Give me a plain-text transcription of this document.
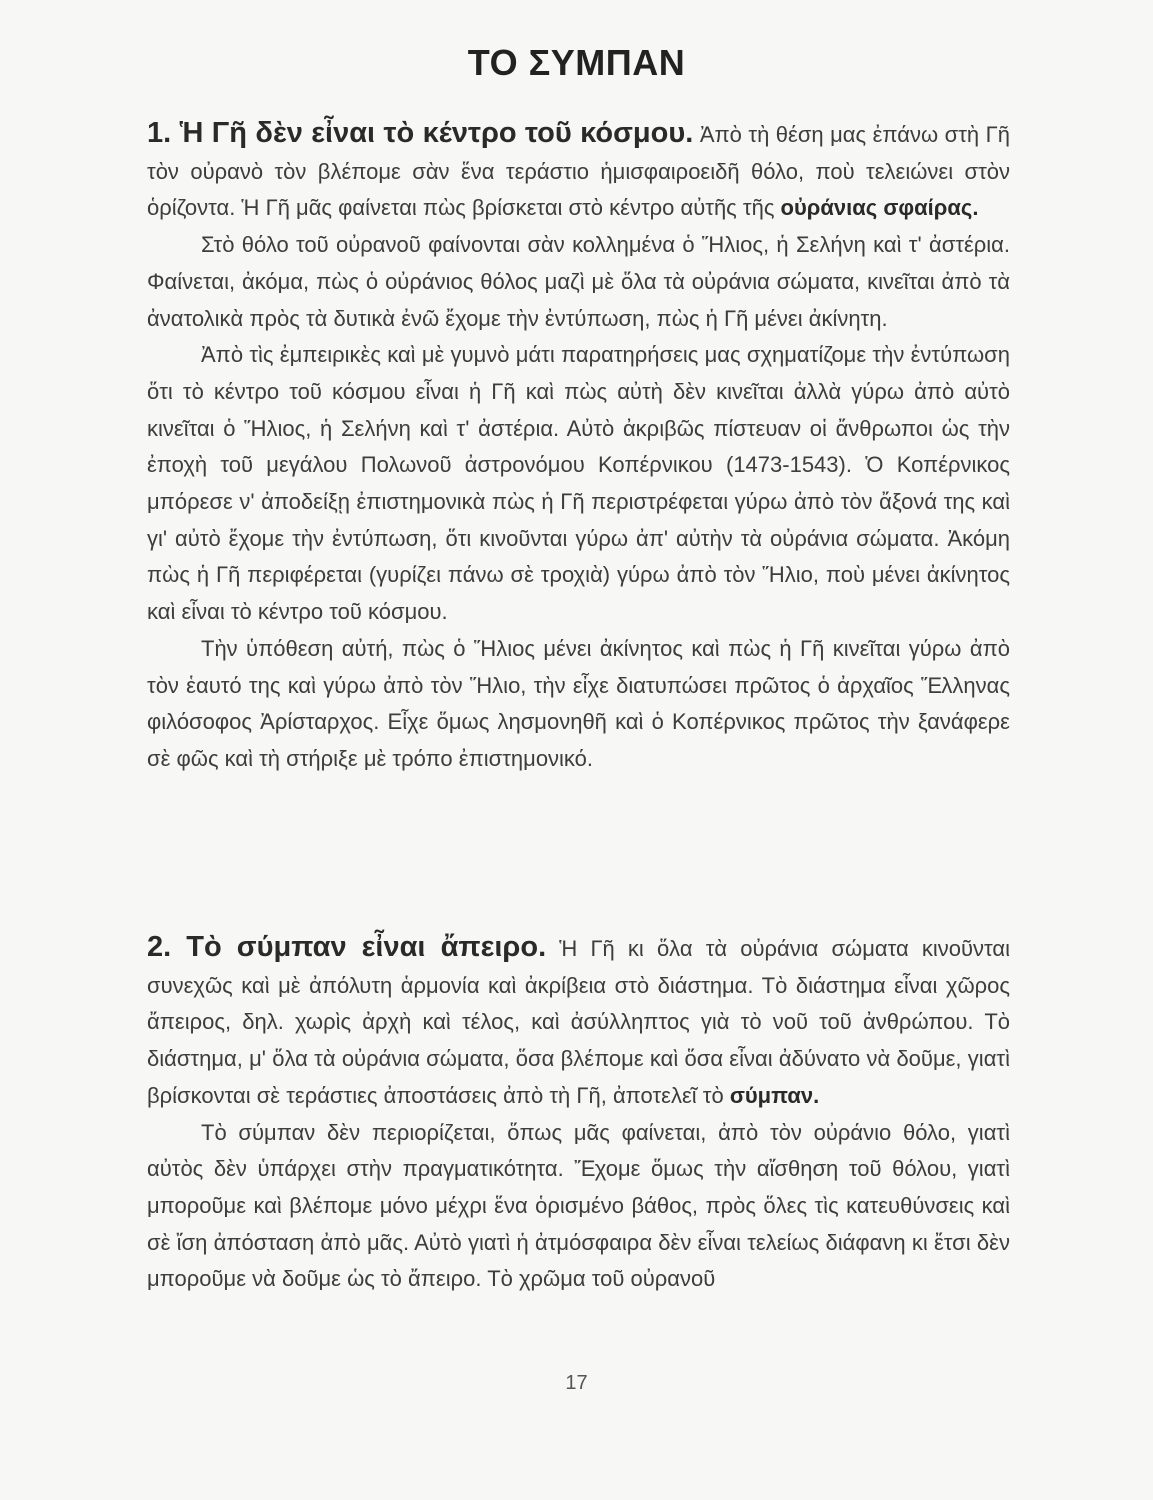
ΤΟ ΣΥΜΠΑΝ

1. Ἡ Γῆ δὲν εἶναι τὸ κέντρο τοῦ κόσμου. Ἀπὸ τὴ θέση μας ἐπάνω στὴ Γῆ τὸν οὐρανὸ τὸν βλέπομε σὰν ἕνα τεράστιο ἡμισφαιροειδῆ θόλο, ποὺ τελειώνει στὸν ὁρίζοντα. Ἡ Γῆ μᾶς φαίνεται πὼς βρίσκεται στὸ κέντρο αὐτῆς τῆς οὐράνιας σφαίρας.

Στὸ θόλο τοῦ οὐρανοῦ φαίνονται σὰν κολλημένα ὁ Ἥλιος, ἡ Σελήνη καὶ τ' ἀστέρια. Φαίνεται, ἀκόμα, πὼς ὁ οὐράνιος θόλος μαζὶ μὲ ὅλα τὰ οὐράνια σώματα, κινεῖται ἀπὸ τὰ ἀνατολικὰ πρὸς τὰ δυτικὰ ἐνῶ ἔχομε τὴν ἐντύπωση, πὼς ἡ Γῆ μένει ἀκίνητη.

Ἀπὸ τὶς ἐμπειρικὲς καὶ μὲ γυμνὸ μάτι παρατηρήσεις μας σχηματίζομε τὴν ἐντύπωση ὅτι τὸ κέντρο τοῦ κόσμου εἶναι ἡ Γῆ καὶ πὼς αὐτὴ δὲν κινεῖται ἀλλὰ γύρω ἀπὸ αὐτὸ κινεῖται ὁ Ἥλιος, ἡ Σελήνη καὶ τ' ἀστέρια. Αὐτὸ ἀκριβῶς πίστευαν οἱ ἄνθρωποι ὡς τὴν ἐποχὴ τοῦ μεγάλου Πολωνοῦ ἀστρονόμου Κοπέρνικου (1473-1543). Ὁ Κοπέρνικος μπόρεσε ν' ἀποδείξῃ ἐπιστημονικὰ πὼς ἡ Γῆ περιστρέφεται γύρω ἀπὸ τὸν ἄξονά της καὶ γι' αὐτὸ ἔχομε τὴν ἐντύπωση, ὅτι κινοῦνται γύρω ἀπ' αὐτὴν τὰ οὐράνια σώματα. Ἀκόμη πὼς ἡ Γῆ περιφέρεται (γυρίζει πάνω σὲ τροχιὰ) γύρω ἀπὸ τὸν Ἥλιο, ποὺ μένει ἀκίνητος καὶ εἶναι τὸ κέντρο τοῦ κόσμου.

Τὴν ὑπόθεση αὐτή, πὼς ὁ Ἥλιος μένει ἀκίνητος καὶ πὼς ἡ Γῆ κινεῖται γύρω ἀπὸ τὸν ἑαυτό της καὶ γύρω ἀπὸ τὸν Ἥλιο, τὴν εἶχε διατυπώσει πρῶτος ὁ ἀρχαῖος Ἕλληνας φιλόσοφος Ἀρίσταρχος. Εἶχε ὅμως λησμονηθῆ καὶ ὁ Κοπέρνικος πρῶτος τὴν ξανάφερε σὲ φῶς καὶ τὴ στήριξε μὲ τρόπο ἐπιστημονικό.

2. Τὸ σύμπαν εἶναι ἄπειρο. Ἡ Γῆ κι ὅλα τὰ οὐράνια σώματα κινοῦνται συνεχῶς καὶ μὲ ἀπόλυτη ἁρμονία καὶ ἀκρίβεια στὸ διάστημα. Τὸ διάστημα εἶναι χῶρος ἄπειρος, δηλ. χωρὶς ἀρχὴ καὶ τέλος, καὶ ἀσύλληπτος γιὰ τὸ νοῦ τοῦ ἀνθρώπου. Τὸ διάστημα, μ' ὅλα τὰ οὐράνια σώματα, ὅσα βλέπομε καὶ ὅσα εἶναι ἀδύνατο νὰ δοῦμε, γιατὶ βρίσκονται σὲ τεράστιες ἀποστάσεις ἀπὸ τὴ Γῆ, ἀποτελεῖ τὸ σύμπαν.

Τὸ σύμπαν δὲν περιορίζεται, ὅπως μᾶς φαίνεται, ἀπὸ τὸν οὐράνιο θόλο, γιατὶ αὐτὸς δὲν ὑπάρχει στὴν πραγματικότητα. Ἔχομε ὅμως τὴν αἴσθηση τοῦ θόλου, γιατὶ μποροῦμε καὶ βλέπομε μόνο μέχρι ἕνα ὁρισμένο βάθος, πρὸς ὅλες τὶς κατευθύνσεις καὶ σὲ ἴση ἀπόσταση ἀπὸ μᾶς. Αὐτὸ γιατὶ ἡ ἀτμόσφαιρα δὲν εἶναι τελείως διάφανη κι ἔτσι δὲν μποροῦμε νὰ δοῦμε ὡς τὸ ἄπειρο. Τὸ χρῶμα τοῦ οὐρανοῦ

17
